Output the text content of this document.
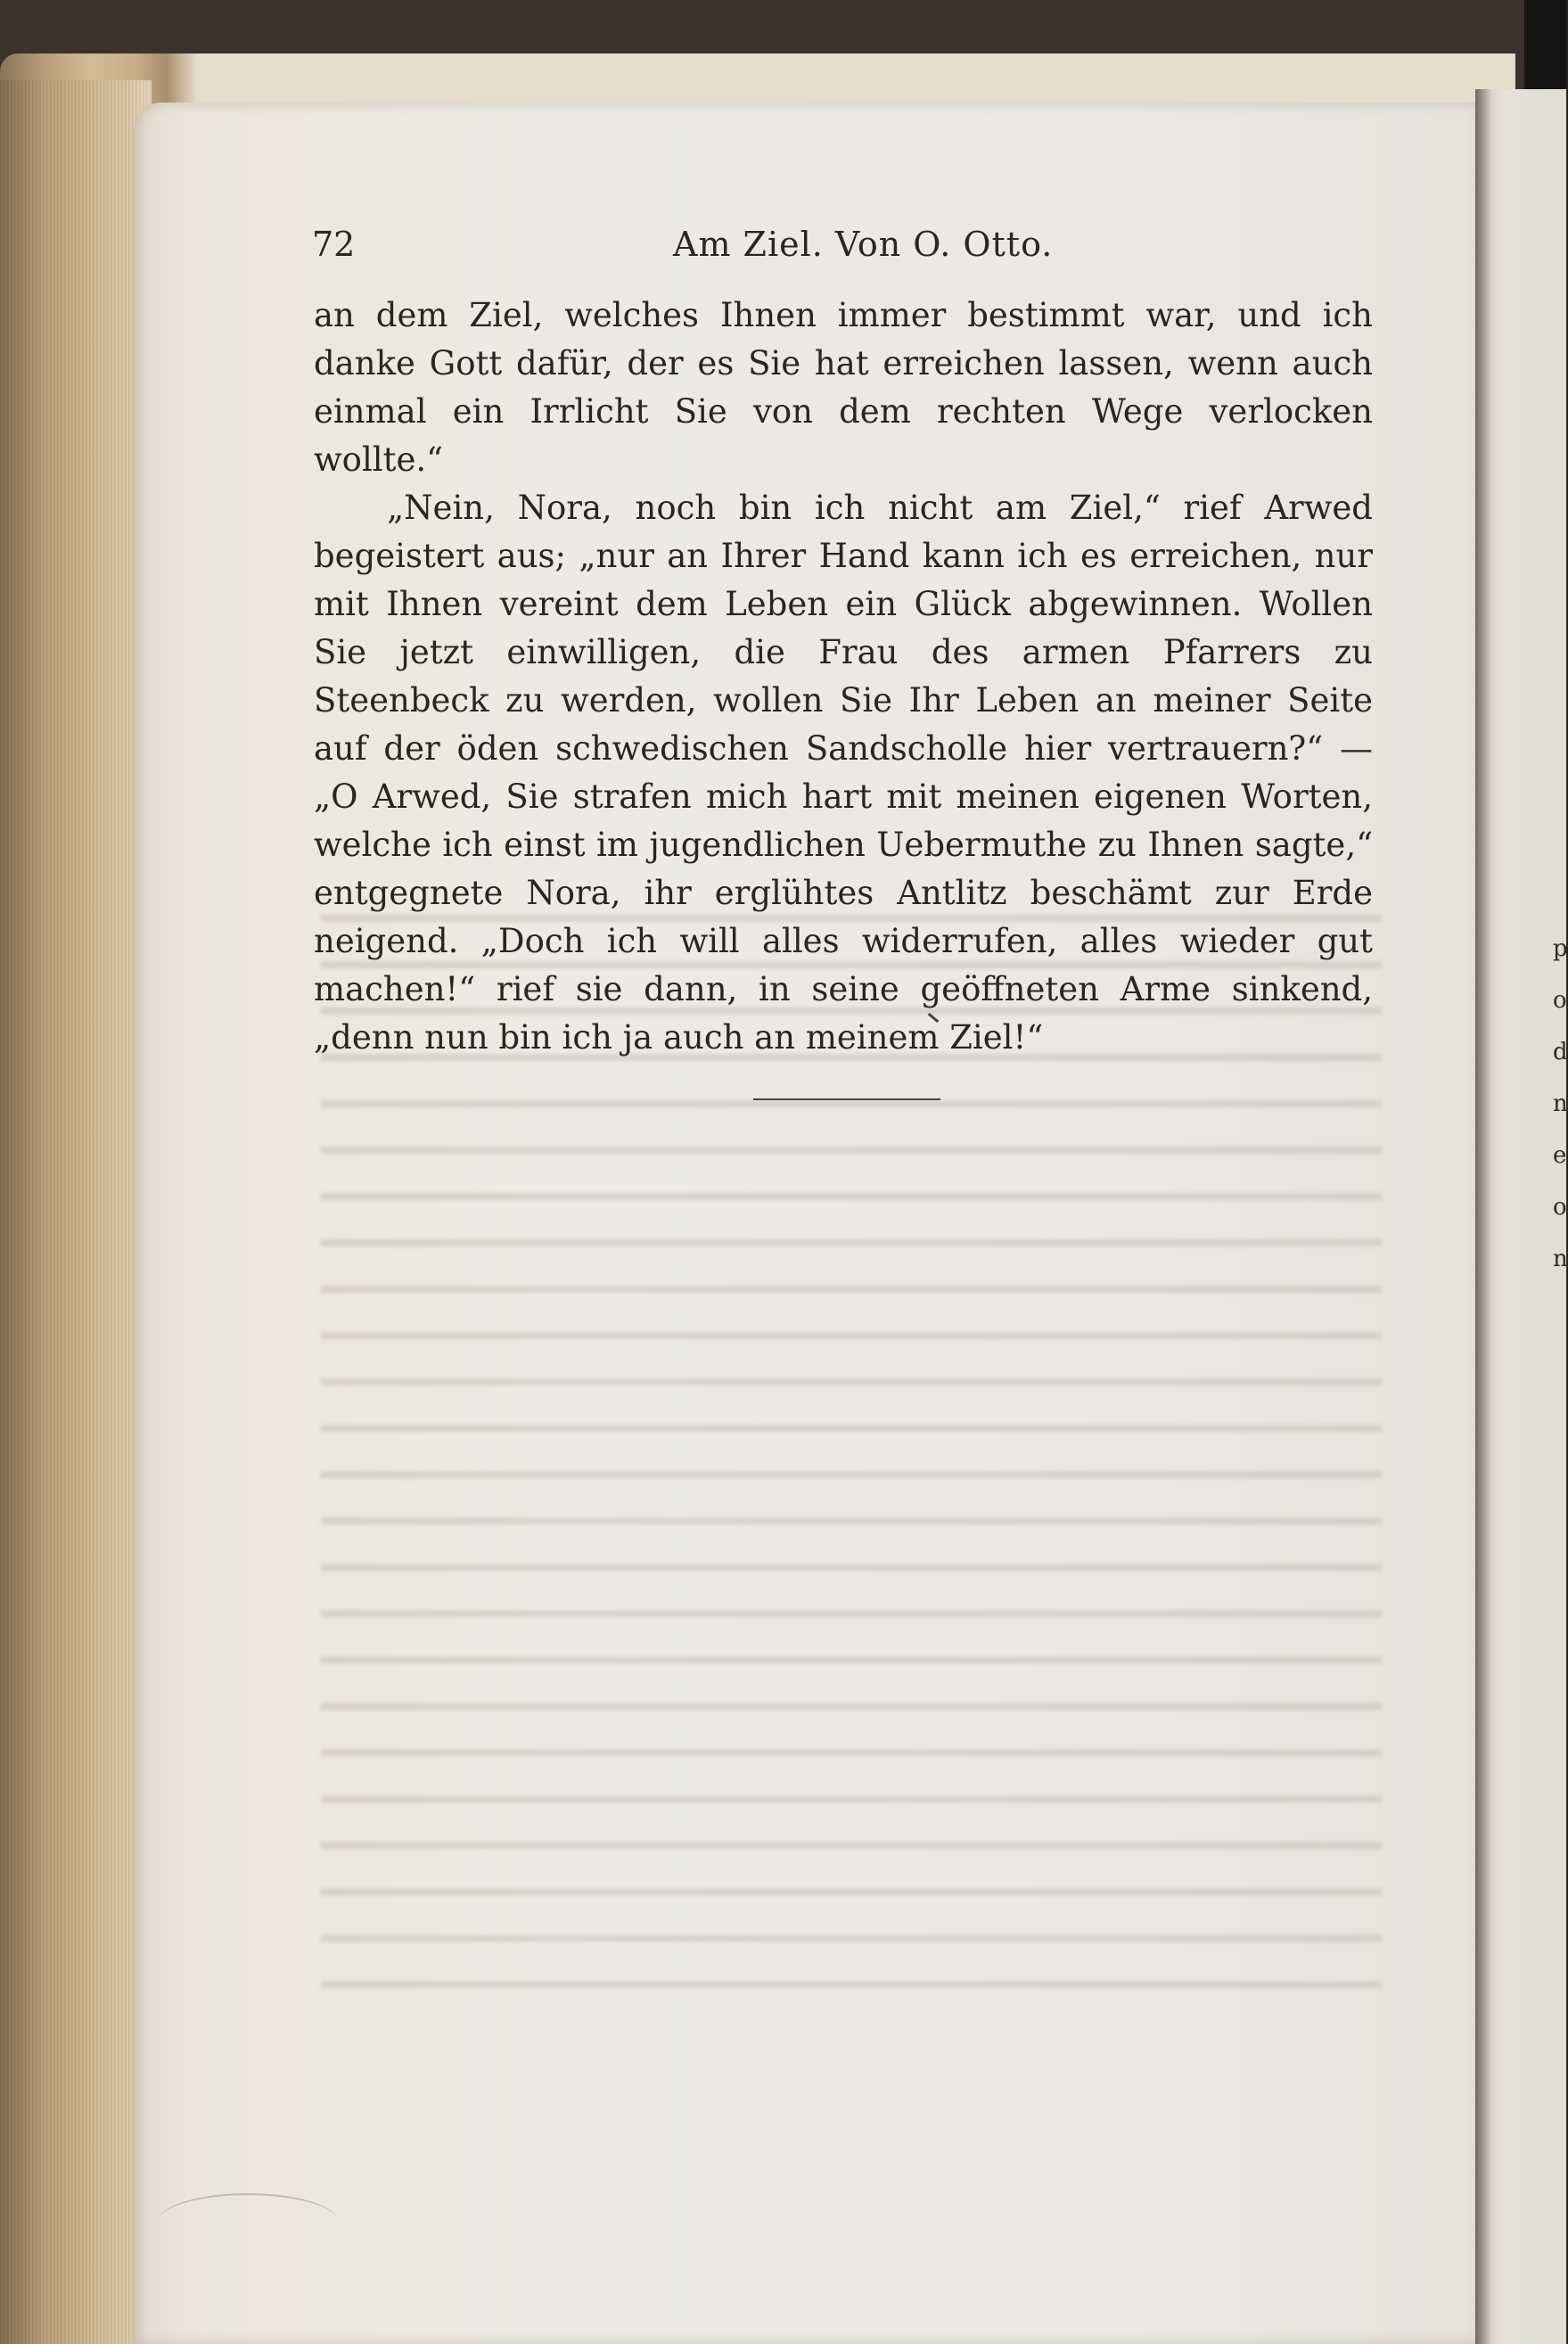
72	Am Ziel. Von O. Otto.

an dem Ziel, welches Ihnen immer bestimmt war, und ich danke Gott dafür, der es Sie hat erreichen lassen, wenn auch einmal ein Irrlicht Sie von dem rechten Wege verlocken wollte.“

„Nein, Nora, noch bin ich nicht am Ziel,“ rief Arwed begeistert aus; „nur an Ihrer Hand kann ich es erreichen, nur mit Ihnen vereint dem Leben ein Glück abgewinnen. Wollen Sie jetzt einwilligen, die Frau des armen Pfarrers zu Steenbeck zu werden, wollen Sie Ihr Leben an meiner Seite auf der öden schwedischen Sandscholle hier vertrauern?“ — „O Arwed, Sie strafen mich hart mit meinen eigenen Worten, welche ich einst im jugendlichen Uebermuthe zu Ihnen sagte,“ entgegnete Nora, ihr erglühtes Antlitz beschämt zur Erde neigend. „Doch ich will alles widerrufen, alles wieder gut machen!“ rief sie dann, in seine geöffneten Arme sinkend, „denn nun bin ich ja auch an meinem Ziel!“

p
o
d
n
e
o
n
